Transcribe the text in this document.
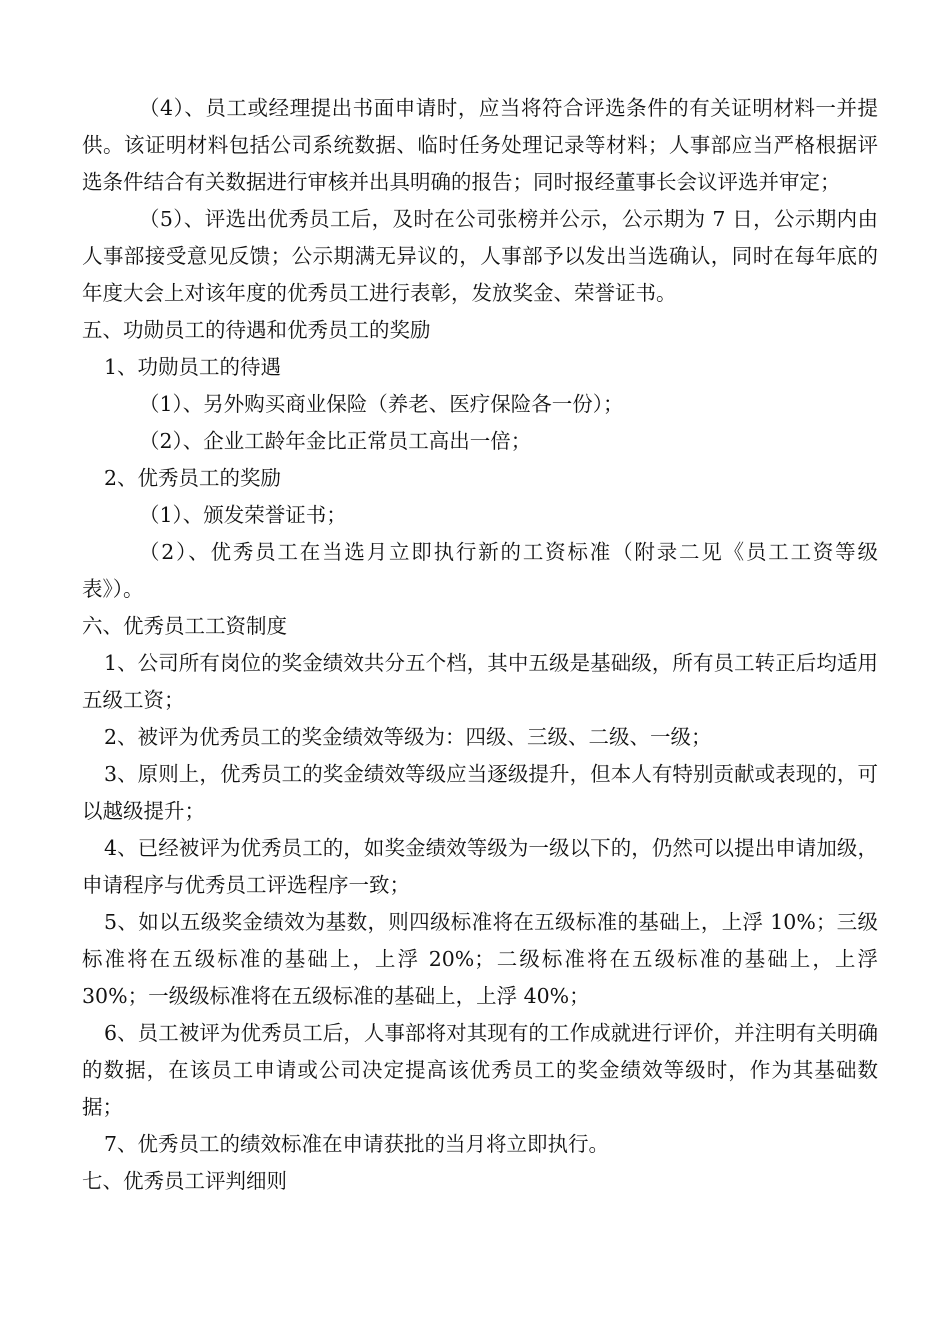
（4）、员工或经理提出书面申请时，应当将符合评选条件的有关证明材料一并提供。该证明材料包括公司系统数据、临时任务处理记录等材料；人事部应当严格根据评选条件结合有关数据进行审核并出具明确的报告；同时报经董事长会议评选并审定；

（5）、评选出优秀员工后，及时在公司张榜并公示，公示期为 7 日，公示期内由人事部接受意见反馈；公示期满无异议的，人事部予以发出当选确认，同时在每年底的年度大会上对该年度的优秀员工进行表彰，发放奖金、荣誉证书。

五、功勋员工的待遇和优秀员工的奖励

1、功勋员工的待遇

（1）、另外购买商业保险（养老、医疗保险各一份）；

（2）、企业工龄年金比正常员工高出一倍；

2、优秀员工的奖励

（1）、颁发荣誉证书；

（2）、优秀员工在当选月立即执行新的工资标准（附录二见《员工工资等级表》）。

六、优秀员工工资制度

1、公司所有岗位的奖金绩效共分五个档，其中五级是基础级，所有员工转正后均适用五级工资；

2、被评为优秀员工的奖金绩效等级为：四级、三级、二级、一级；

3、原则上，优秀员工的奖金绩效等级应当逐级提升，但本人有特别贡献或表现的，可以越级提升；

4、已经被评为优秀员工的，如奖金绩效等级为一级以下的，仍然可以提出申请加级，申请程序与优秀员工评选程序一致；

5、如以五级奖金绩效为基数，则四级标准将在五级标准的基础上，上浮 10%；三级标准将在五级标准的基础上，上浮 20%；二级标准将在五级标准的基础上，上浮 30%；一级级标准将在五级标准的基础上，上浮 40%；

6、员工被评为优秀员工后，人事部将对其现有的工作成就进行评价，并注明有关明确的数据，在该员工申请或公司决定提高该优秀员工的奖金绩效等级时，作为其基础数据；

7、优秀员工的绩效标准在申请获批的当月将立即执行。

七、优秀员工评判细则
